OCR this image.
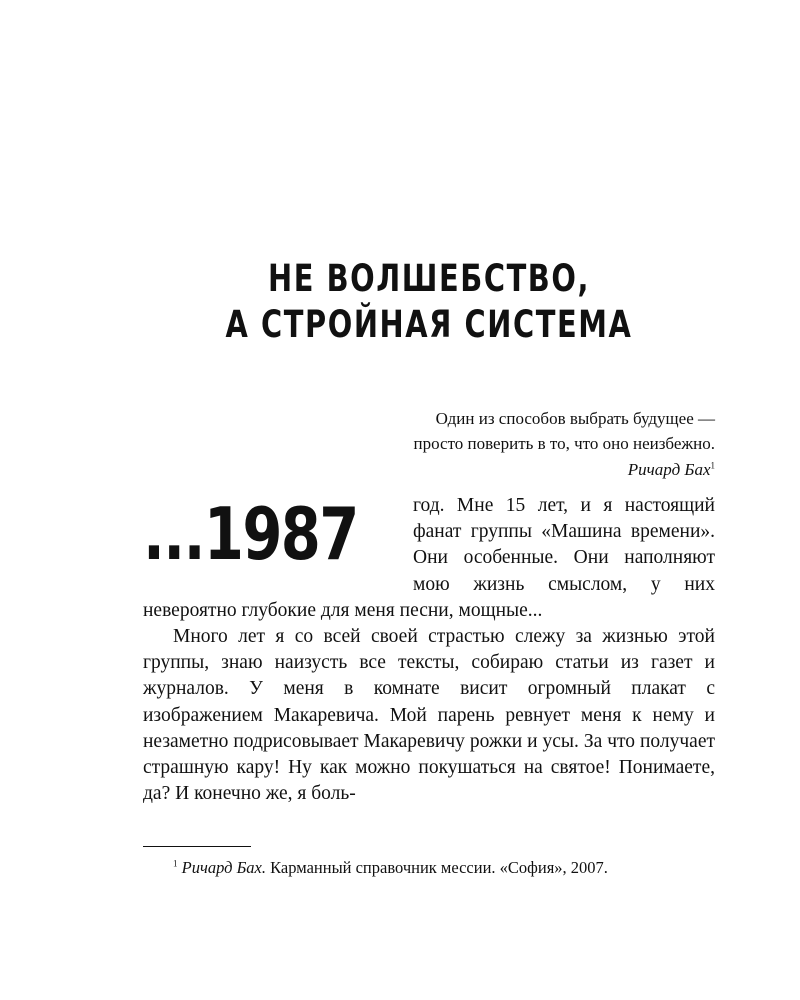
НЕ ВОЛШЕБСТВО,
А СТРОЙНАЯ СИСТЕМА
Один из способов выбрать будущее —
просто поверить в то, что оно неизбежно.
Ричард Бах$^1$
...1987	год. Мне 15 лет, и я настоящий фанат группы «Машина времени». Они особенные. Они наполняют мою жизнь смыслом, у них невероятно глубокие для меня песни, мощные...

Много лет я со всей своей страстью слежу за жизнью этой группы, знаю наизусть все тексты, собираю статьи из газет и журналов. У меня в комнате висит огромный плакат с изображением Макаревича. Мой парень ревнует меня к нему и незаметно подрисовывает Макаревичу рожки и усы. За что получает страшную кару! Ну как можно покушаться на святое! Понимаете, да? И конечно же, я боль-

$^1$ Ричард Бах. Карманный справочник мессии. «София», 2007.
